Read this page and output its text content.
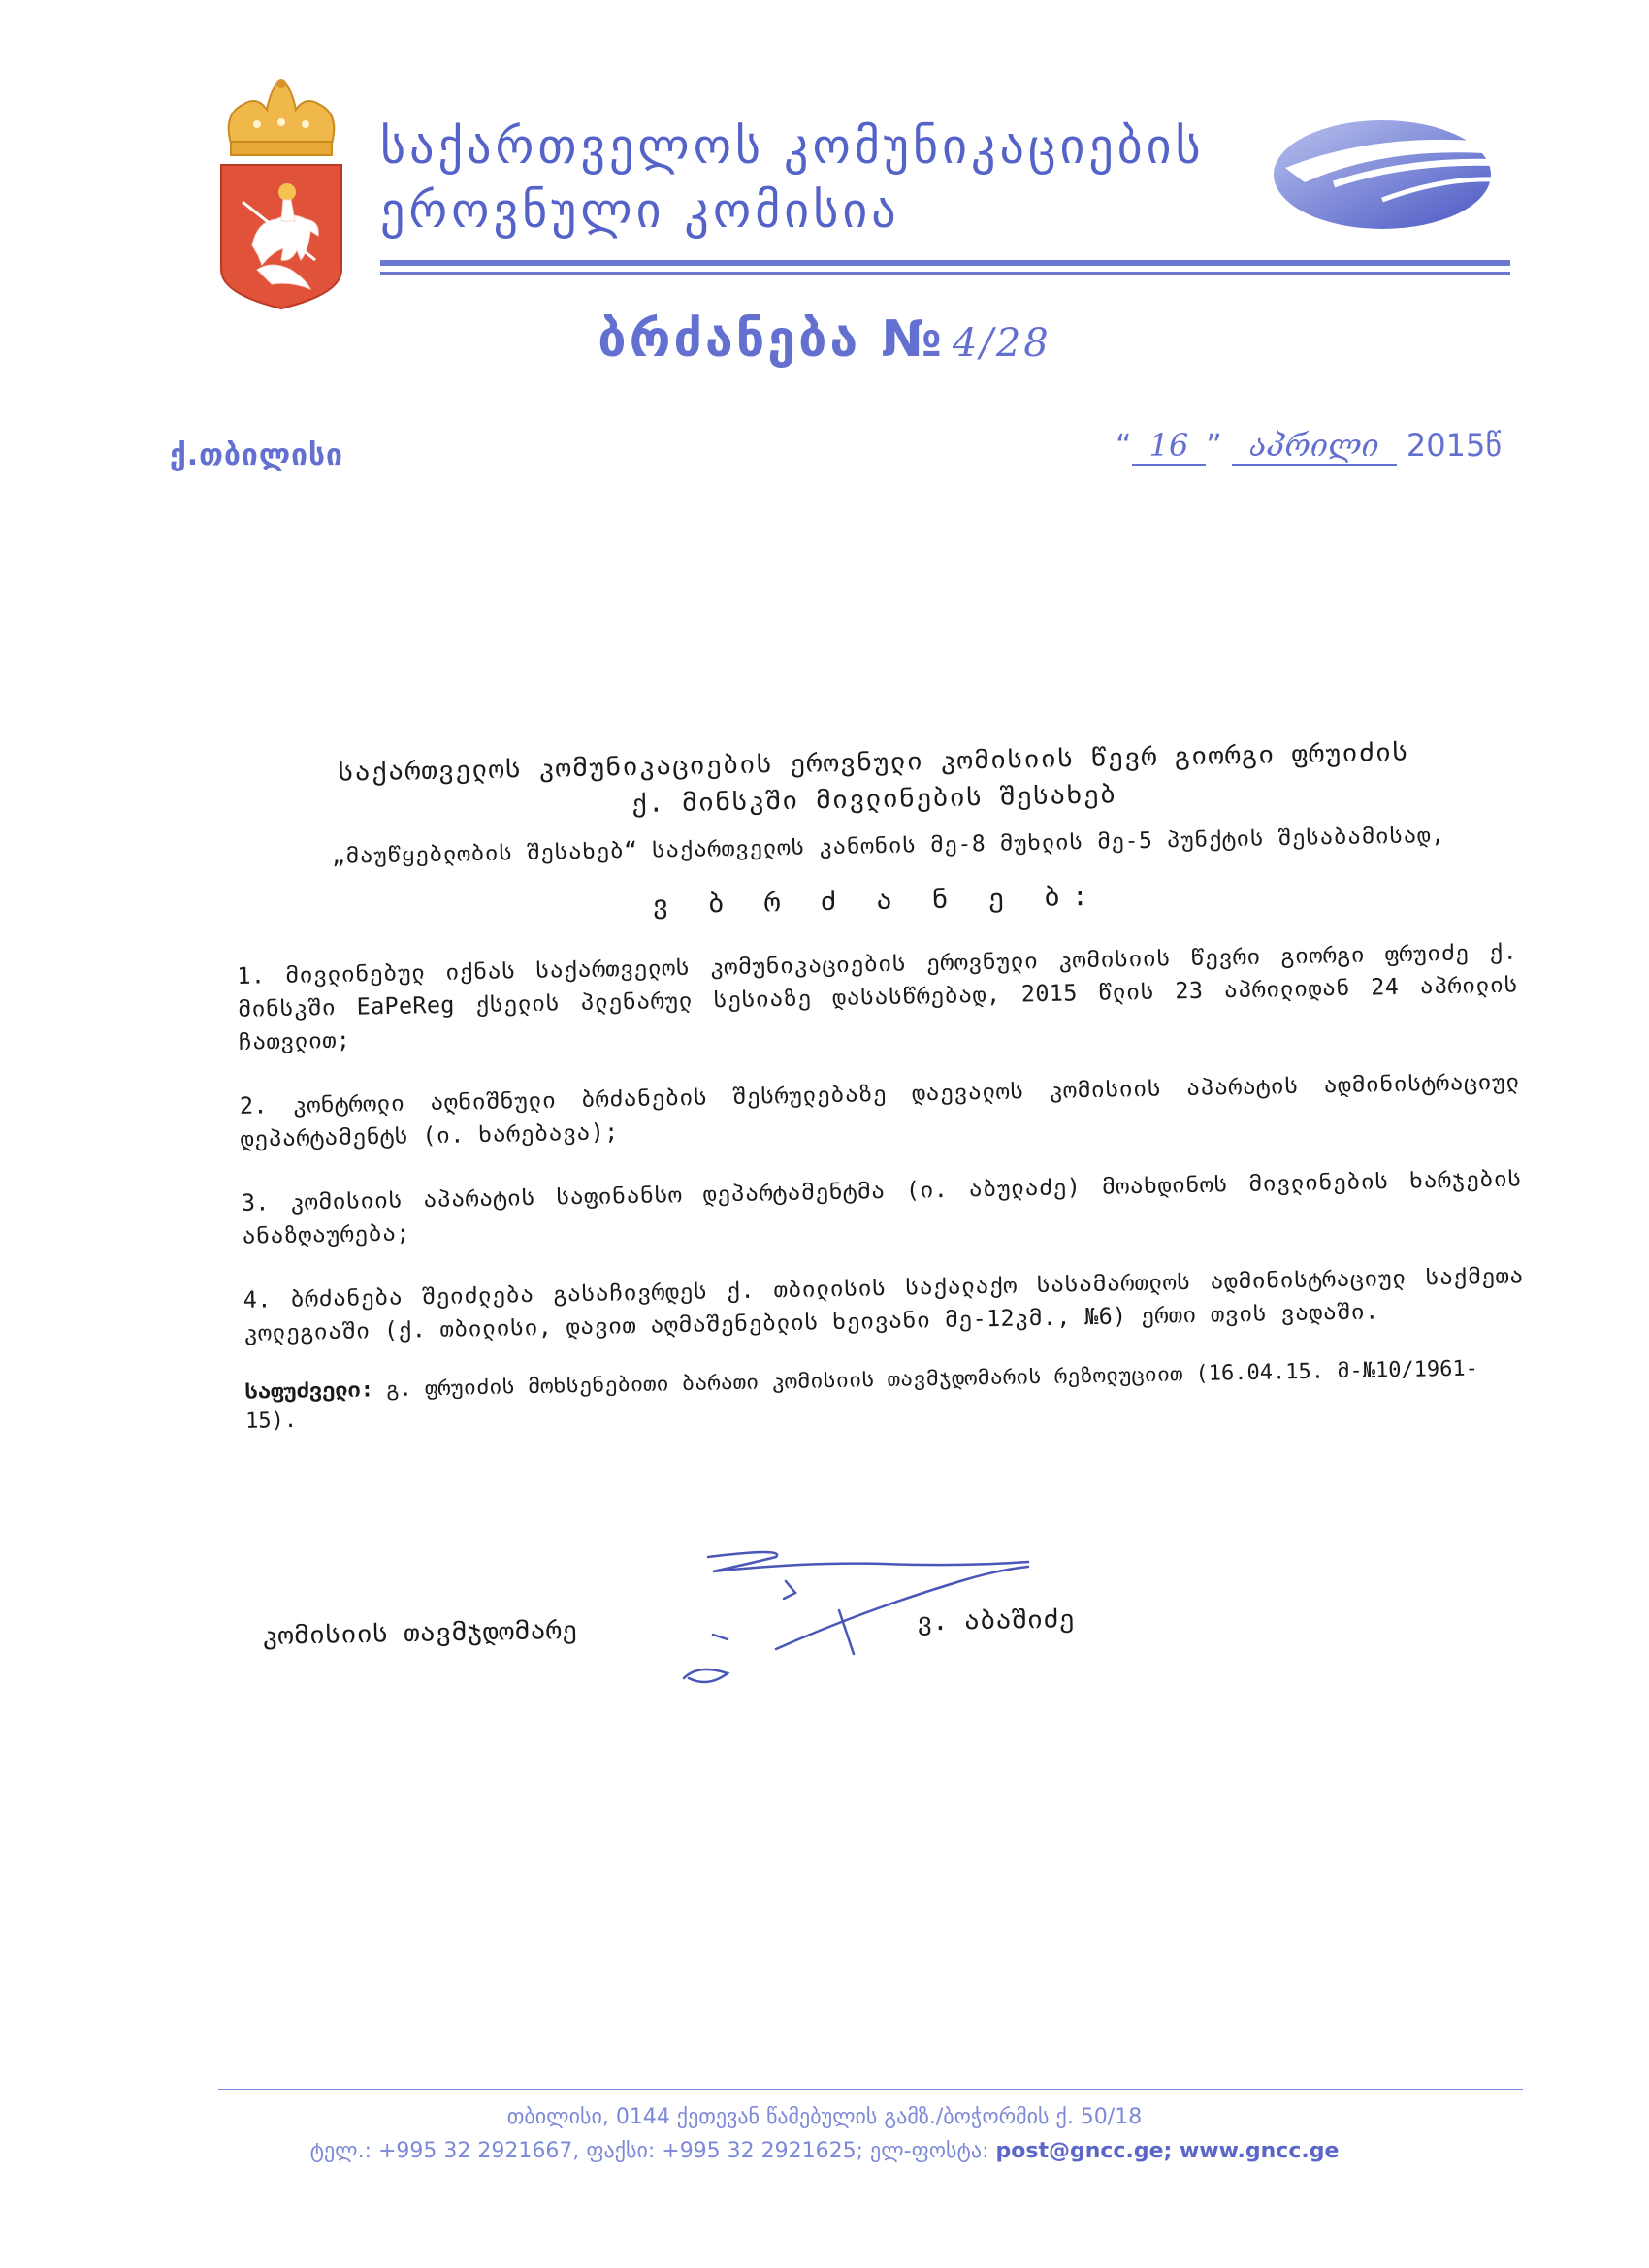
საქართველოს კომუნიკაციების
ეროვნული კომისია
ბრძანება № 4/28
ქ.თბილისი	“ 16 ” აპრილი 2015წ
საქართველოს კომუნიკაციების ეროვნული კომისიის წევრ გიორგი ფრუიძის
ქ. მინსკში მივლინების შესახებ
„მაუწყებლობის შესახებ“ საქართველოს კანონის მე-8 მუხლის მე-5 პუნქტის შესაბამისად,
ვ ბ რ ძ ა ნ ე ბ:
1. მივლინებულ იქნას საქართველოს კომუნიკაციების ეროვნული კომისიის წევრი გიორგი ფრუიძე ქ. მინსკში EaPeReg ქსელის პლენარულ სესიაზე დასასწრებად, 2015 წლის 23 აპრილიდან 24 აპრილის ჩათვლით;
2. კონტროლი აღნიშნული ბრძანების შესრულებაზე დაევალოს კომისიის აპარატის ადმინისტრაციულ დეპარტამენტს (ი. ხარებავა);
3. კომისიის აპარატის საფინანსო დეპარტამენტმა (ი. აბულაძე) მოახდინოს მივლინების ხარჯების ანაზღაურება;
4. ბრძანება შეიძლება გასაჩივრდეს ქ. თბილისის საქალაქო სასამართლოს ადმინისტრაციულ საქმეთა კოლეგიაში (ქ. თბილისი, დავით აღმაშენებლის ხეივანი მე-12კმ., №6) ერთი თვის ვადაში.
საფუძველი: გ. ფრუიძის მოხსენებითი ბარათი კომისიის თავმჯდომარის რეზოლუციით (16.04.15. მ-№10/1961-15).
კომისიის თავმჯდომარე	ვ. აბაშიძე
თბილისი, 0144 ქეთევან წამებულის გამზ./ბოჭორმის ქ. 50/18
ტელ.: +995 32 2921667, ფაქსი: +995 32 2921625; ელ-ფოსტა: post@gncc.ge; www.gncc.ge
